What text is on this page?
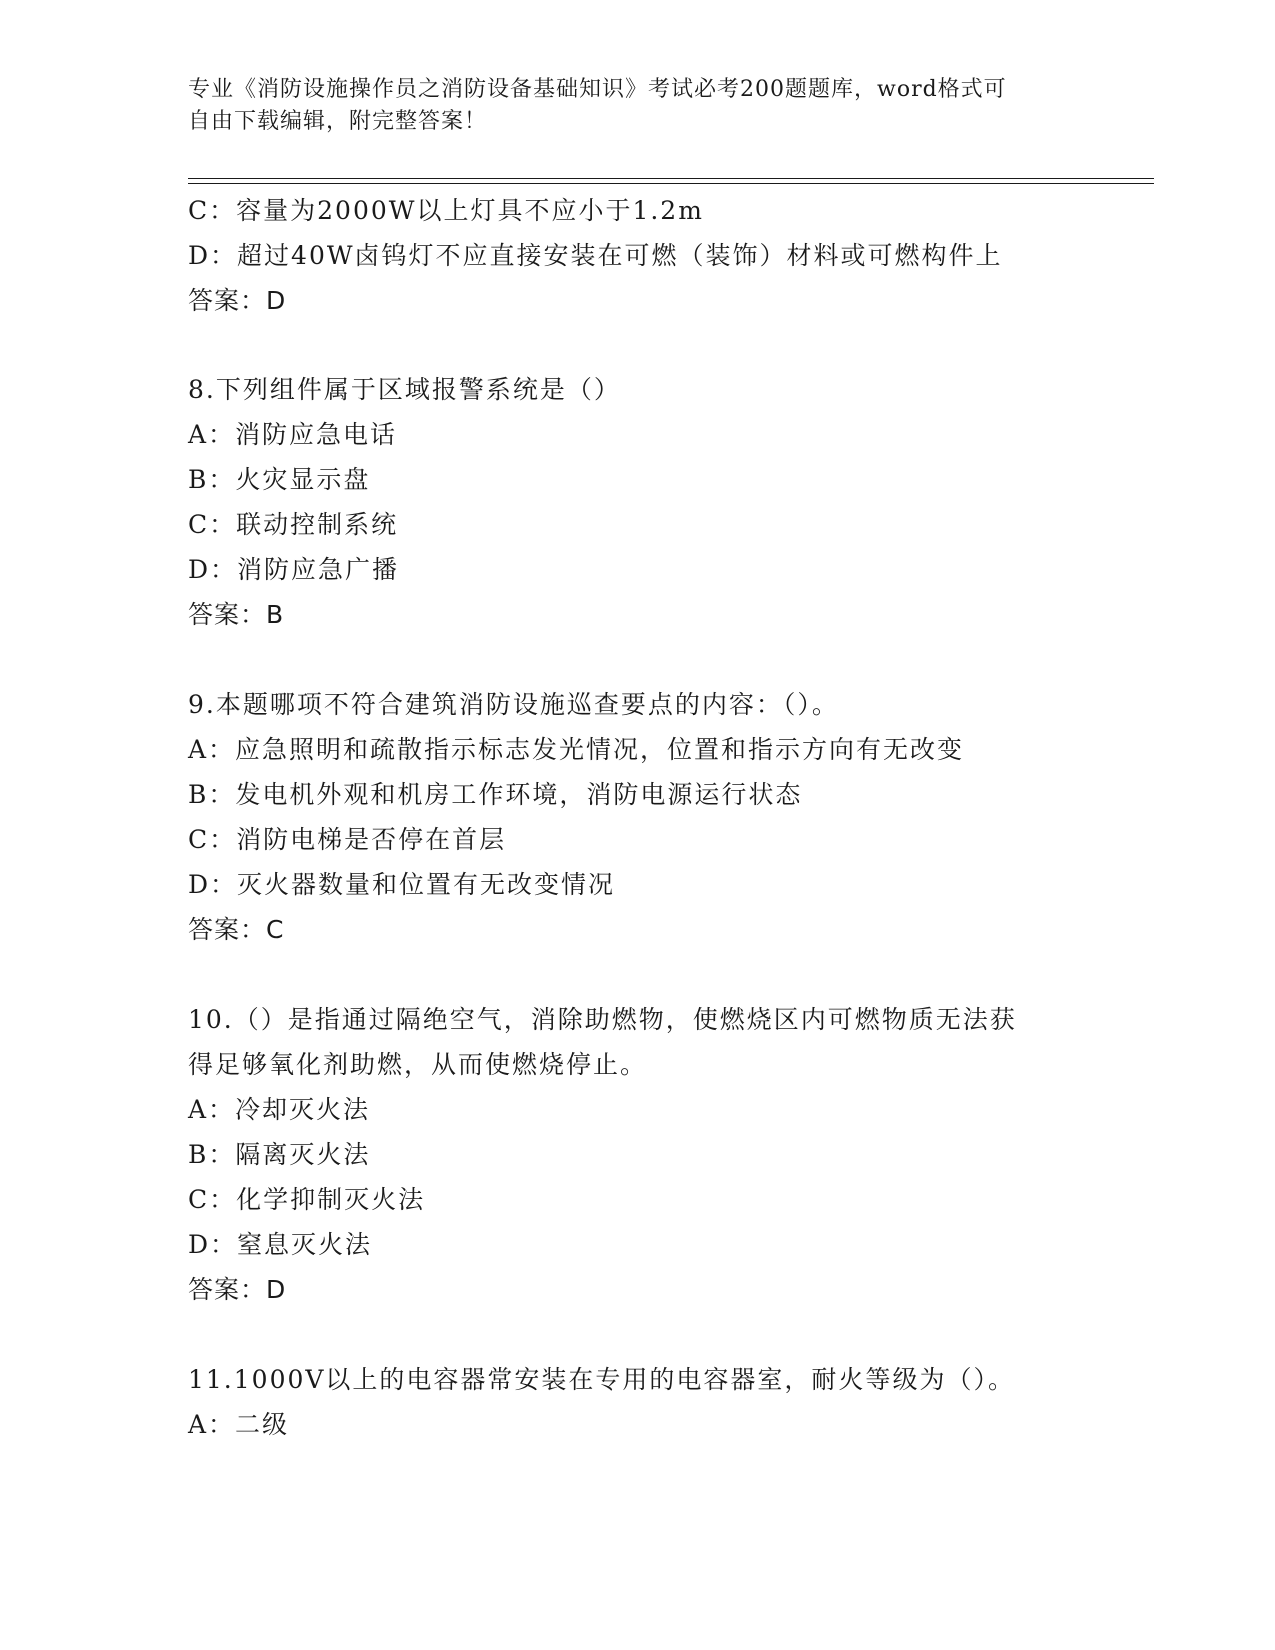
专业《消防设施操作员之消防设备基础知识》考试必考200题题库，word格式可
自由下载编辑，附完整答案！
C：容量为2000W以上灯具不应小于1.2m
D：超过40W卤钨灯不应直接安装在可燃（装饰）材料或可燃构件上
答案：D
8.下列组件属于区域报警系统是（）
A：消防应急电话
B：火灾显示盘
C：联动控制系统
D：消防应急广播
答案：B
9.本题哪项不符合建筑消防设施巡查要点的内容：（）。
A：应急照明和疏散指示标志发光情况，位置和指示方向有无改变
B：发电机外观和机房工作环境，消防电源运行状态
C：消防电梯是否停在首层
D：灭火器数量和位置有无改变情况
答案：C
10.（）是指通过隔绝空气，消除助燃物，使燃烧区内可燃物质无法获
得足够氧化剂助燃，从而使燃烧停止。
A：冷却灭火法
B：隔离灭火法
C：化学抑制灭火法
D：窒息灭火法
答案：D
11.1000V以上的电容器常安装在专用的电容器室，耐火等级为（）。
A：二级
